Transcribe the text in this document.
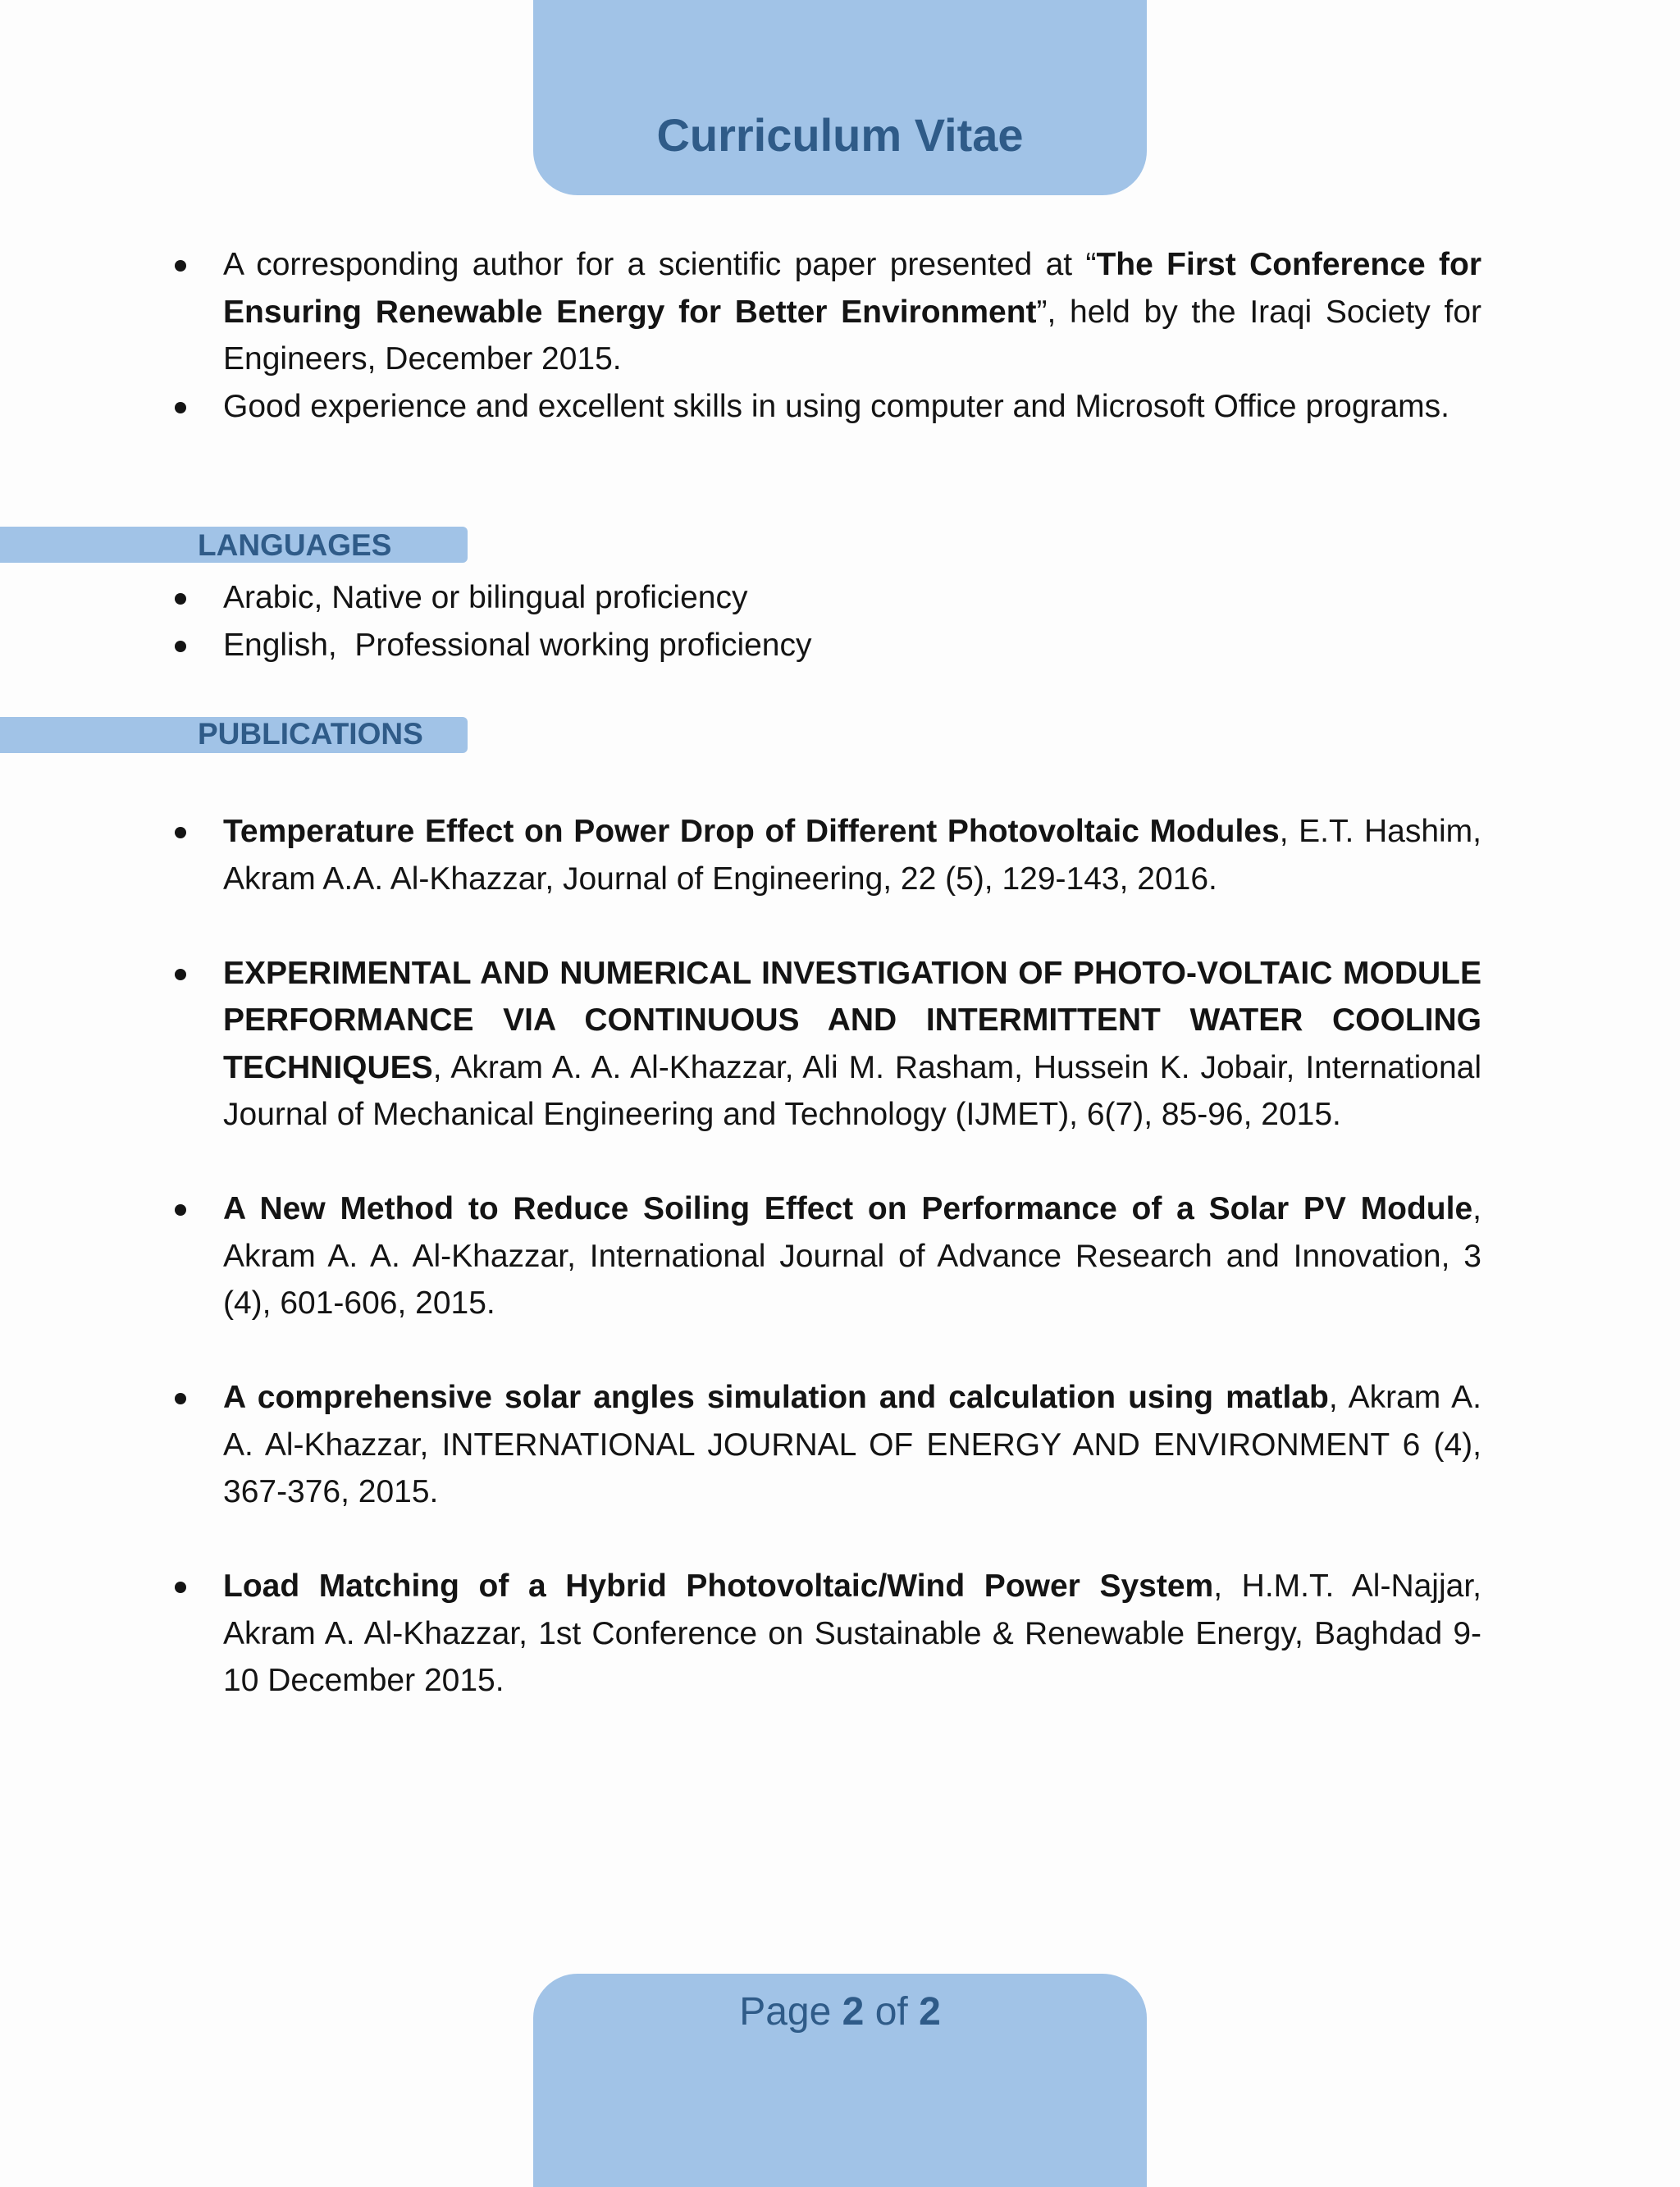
Curriculum Vitae
A corresponding author for a scientific paper presented at “The First Conference for Ensuring Renewable Energy for Better Environment”, held by the Iraqi Society for Engineers, December 2015.
Good experience and excellent skills in using computer and Microsoft Office programs.
LANGUAGES
Arabic, Native or bilingual proficiency
English,  Professional working proficiency
PUBLICATIONS
Temperature Effect on Power Drop of Different Photovoltaic Modules, E.T. Hashim, Akram A.A. Al-Khazzar, Journal of Engineering, 22 (5), 129-143, 2016.
EXPERIMENTAL AND NUMERICAL INVESTIGATION OF PHOTO-VOLTAIC MODULE PERFORMANCE VIA CONTINUOUS AND INTERMITTENT WATER COOLING TECHNIQUES, Akram A. A. Al-Khazzar, Ali M. Rasham, Hussein K. Jobair, International Journal of Mechanical Engineering and Technology (IJMET), 6(7), 85-96, 2015.
A New Method to Reduce Soiling Effect on Performance of a Solar PV Module, Akram A. A. Al-Khazzar, International Journal of Advance Research and Innovation, 3 (4), 601-606, 2015.
A comprehensive solar angles simulation and calculation using matlab, Akram A. A. Al-Khazzar, INTERNATIONAL JOURNAL OF ENERGY AND ENVIRONMENT 6 (4), 367-376, 2015.
Load Matching of a Hybrid Photovoltaic/Wind Power System, H.M.T. Al-Najjar, Akram A. Al-Khazzar, 1st Conference on Sustainable & Renewable Energy, Baghdad 9-10 December 2015.
Page 2 of 2
